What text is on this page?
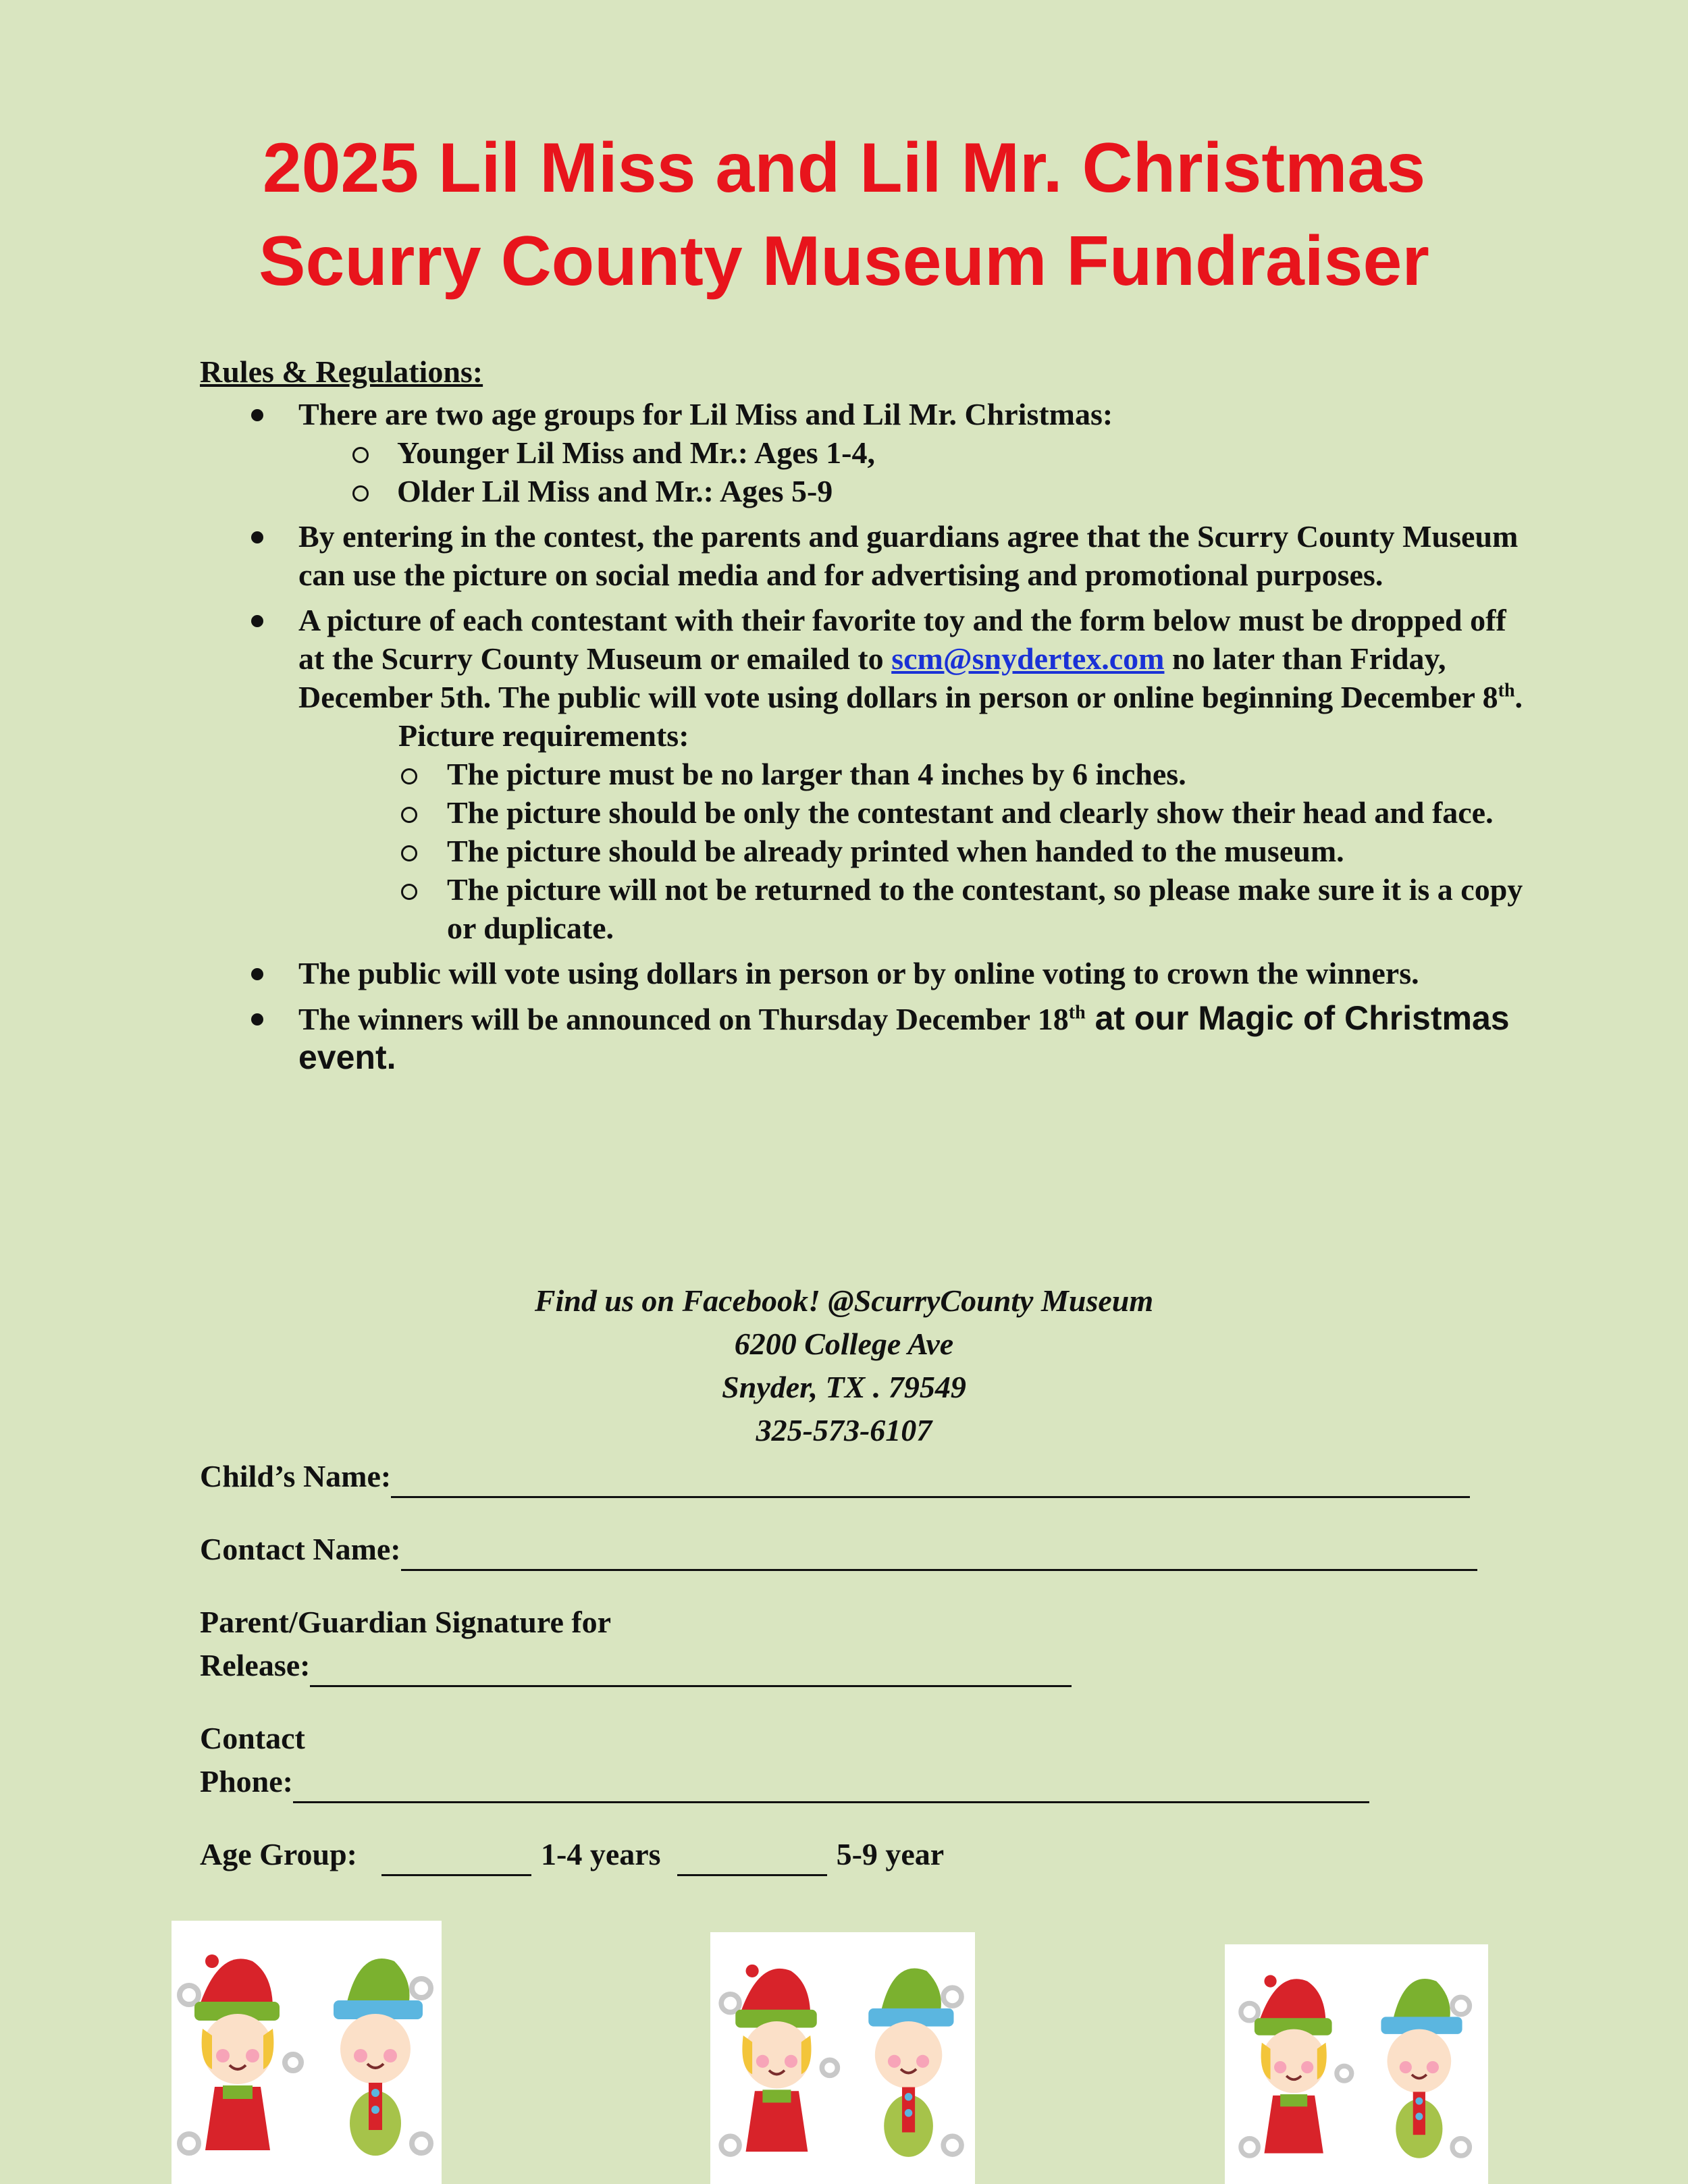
2025 Lil Miss and Lil Mr. Christmas
Scurry County Museum Fundraiser
Rules & Regulations:
There are two age groups for Lil Miss and Lil Mr. Christmas:
Younger Lil Miss and Mr.: Ages 1-4,
Older Lil Miss and Mr.: Ages 5-9
By entering in the contest, the parents and guardians agree that the Scurry County Museum can use the picture on social media and for advertising and promotional purposes.
A picture of each contestant with their favorite toy and the form below must be dropped off at the Scurry County Museum or emailed to scm@snydertex.com no later than Friday, December 5th. The public will vote using dollars in person or online beginning December 8th.
Picture requirements:
The picture must be no larger than 4 inches by 6 inches.
The picture should be only the contestant and clearly show their head and face.
The picture should be already printed when handed to the museum.
The picture will not be returned to the contestant, so please make sure it is a copy or duplicate.
The public will vote using dollars in person or by online voting to crown the winners.
The winners will be announced on Thursday December 18th at our Magic of Christmas event.
Find us on Facebook! @ScurryCounty Museum
6200 College Ave
Snyder, TX . 79549
325-573-6107
Child’s Name:
Contact Name:
Parent/Guardian Signature for
Release:
Contact
Phone:
Age Group:	1-4 years	5-9 year
